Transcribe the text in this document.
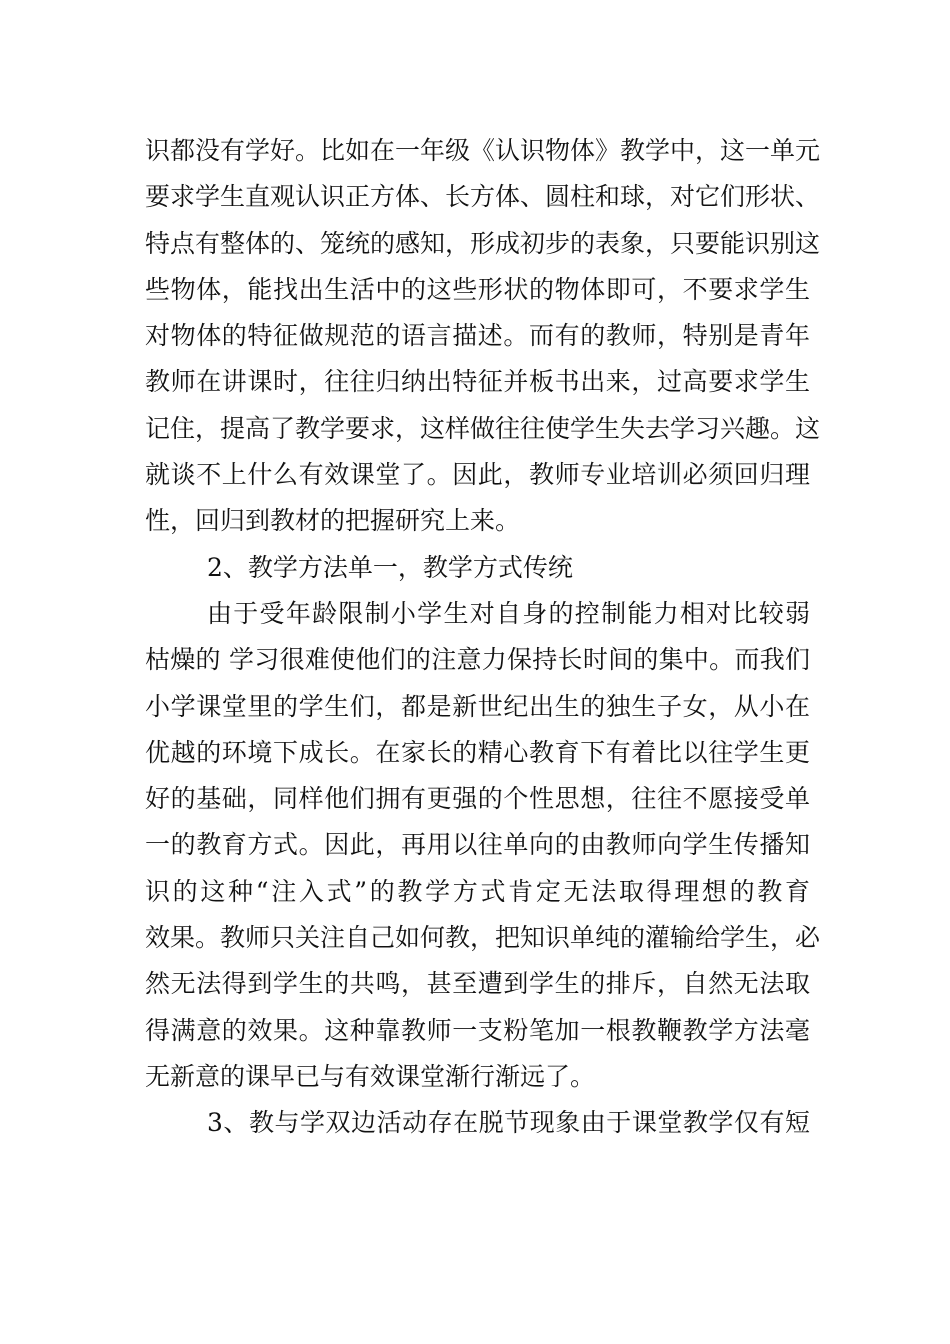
识都没有学好。比如在一年级《认识物体》教学中，这一单元
要求学生直观认识正方体、长方体、圆柱和球，对它们形状、
特点有整体的、笼统的感知，形成初步的表象，只要能识别这
些物体，能找出生活中的这些形状的物体即可，不要求学生
对物体的特征做规范的语言描述。而有的教师，特别是青年
教师在讲课时，往往归纳出特征并板书出来，过高要求学生
记住，提高了教学要求，这样做往往使学生失去学习兴趣。这
就谈不上什么有效课堂了。因此，教师专业培训必须回归理
性，回归到教材的把握研究上来。
2、教学方法单一，教学方式传统
由于受年龄限制小学生对自身的控制能力相对比较弱
枯燥的 学习很难使他们的注意力保持长时间的集中。而我们
小学课堂里的学生们，都是新世纪出生的独生子女，从小在
优越的环境下成长。在家长的精心教育下有着比以往学生更
好的基础，同样他们拥有更强的个性思想，往往不愿接受单
一的教育方式。因此，再用以往单向的由教师向学生传播知
识的这种“注入式”的教学方式肯定无法取得理想的教育
效果。教师只关注自己如何教，把知识单纯的灌输给学生，必
然无法得到学生的共鸣，甚至遭到学生的排斥，自然无法取
得满意的效果。这种靠教师一支粉笔加一根教鞭教学方法毫
无新意的课早已与有效课堂渐行渐远了。
3、教与学双边活动存在脱节现象由于课堂教学仅有短
